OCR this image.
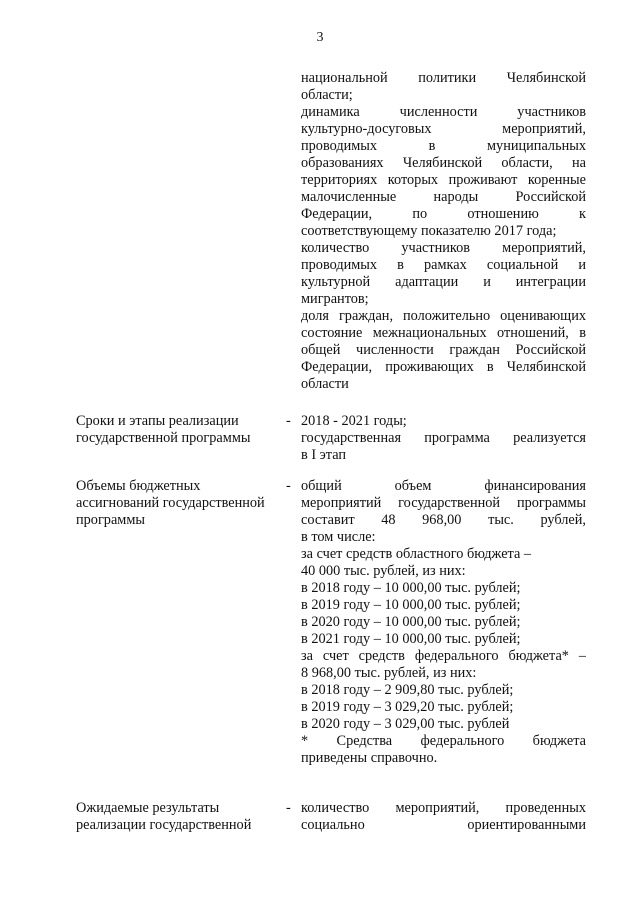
3
национальной политики Челябинской
области;
динамика численности участников
культурно-досуговых мероприятий,
проводимых в муниципальных
образованиях Челябинской области, на
территориях которых проживают коренные
малочисленные народы Российской
Федерации, по отношению к
соответствующему показателю 2017 года;
количество участников мероприятий,
проводимых в рамках социальной и
культурной адаптации и интеграции
мигрантов;
доля граждан, положительно оценивающих
состояние межнациональных отношений, в
общей численности граждан Российской
Федерации, проживающих в Челябинской
области
Сроки и этапы реализации
государственной программы
- 2018 - 2021 годы;
государственная программа реализуется
в I этап
Объемы бюджетных
ассигнований государственной
программы
- общий объем финансирования
мероприятий государственной программы
составит 48 968,00 тыс. рублей,
в том числе:
за счет средств областного бюджета –
40 000 тыс. рублей, из них:
в 2018 году – 10 000,00 тыс. рублей;
в 2019 году – 10 000,00 тыс. рублей;
в 2020 году – 10 000,00 тыс. рублей;
в 2021 году – 10 000,00 тыс. рублей;
за счет средств федерального бюджета* –
8 968,00 тыс. рублей, из них:
в 2018 году – 2 909,80 тыс. рублей;
в 2019 году – 3 029,20 тыс. рублей;
в 2020 году – 3 029,00 тыс. рублей
* Средства федерального бюджета
приведены справочно.
Ожидаемые результаты
реализации государственной
- количество мероприятий, проведенных
социально ориентированными
